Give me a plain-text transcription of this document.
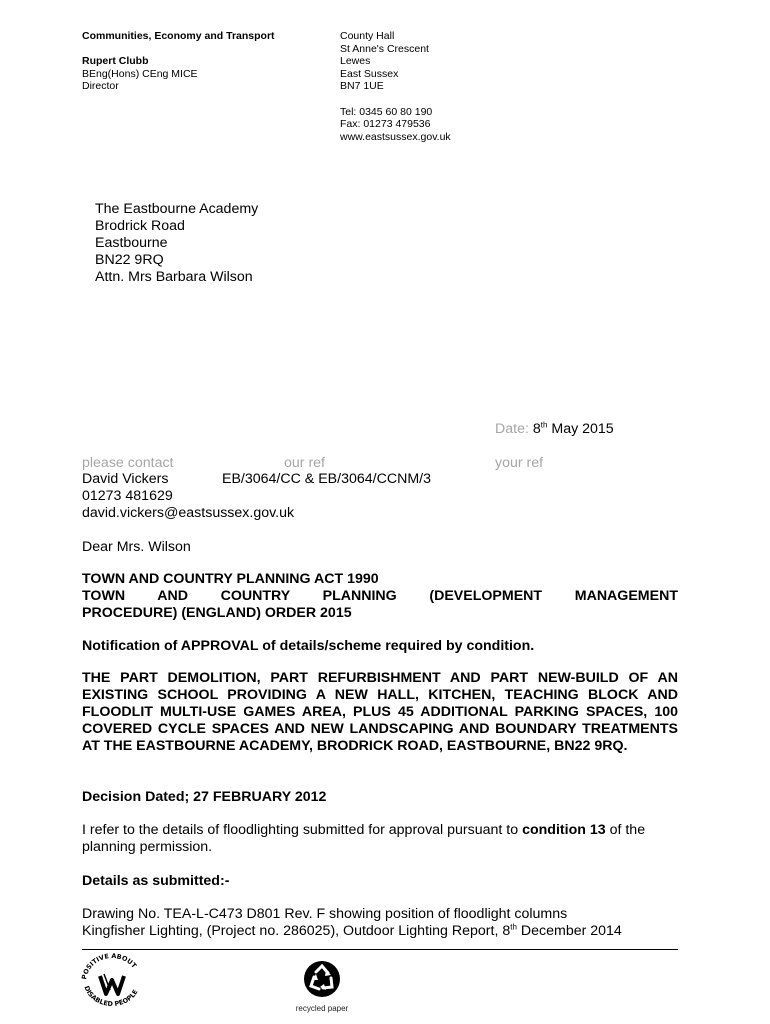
Communities, Economy and Transport
Rupert Clubb
BEng(Hons) CEng MICE
Director
County Hall
St Anne's Crescent
Lewes
East Sussex
BN7 1UE
Tel: 0345 60 80 190
Fax: 01273 479536
www.eastsussex.gov.uk
The Eastbourne Academy
Brodrick Road
Eastbourne
BN22 9RQ
Attn. Mrs Barbara Wilson
Date: 8th May 2015
please contact	our ref	your ref
David Vickers	EB/3064/CC & EB/3064/CCNM/3
01273 481629
david.vickers@eastsussex.gov.uk
Dear Mrs. Wilson
TOWN AND COUNTRY PLANNING ACT 1990
TOWN AND COUNTRY PLANNING (DEVELOPMENT MANAGEMENT
PROCEDURE) (ENGLAND) ORDER 2015
Notification of APPROVAL of details/scheme required by condition.
THE PART DEMOLITION, PART REFURBISHMENT AND PART NEW-BUILD OF AN EXISTING SCHOOL PROVIDING A NEW HALL, KITCHEN, TEACHING BLOCK AND FLOODLIT MULTI-USE GAMES AREA, PLUS 45 ADDITIONAL PARKING SPACES, 100 COVERED CYCLE SPACES AND NEW LANDSCAPING AND BOUNDARY TREATMENTS AT THE EASTBOURNE ACADEMY, BRODRICK ROAD, EASTBOURNE, BN22 9RQ.
Decision Dated; 27 FEBRUARY 2012
I refer to the details of floodlighting submitted for approval pursuant to condition 13 of the planning permission.
Details as submitted:-
Drawing No. TEA-L-C473 D801 Rev. F showing position of floodlight columns
Kingfisher Lighting, (Project no. 286025), Outdoor Lighting Report, 8th December 2014
POSITIVE ABOUT
DISABLED PEOPLE
recycled paper
